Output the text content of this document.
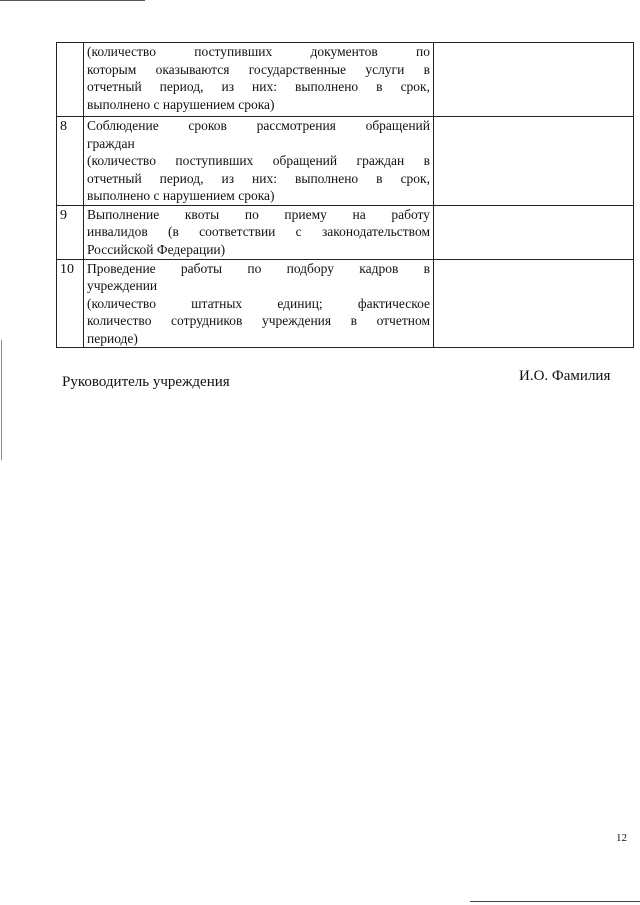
	(количество поступивших документов по
которым оказываются государственные услуги в
отчетный период, из них: выполнено в срок,
выполнено с нарушением срока)	

8	Соблюдение сроков рассмотрения обращений
граждан
(количество поступивших обращений граждан в
отчетный период, из них: выполнено в срок,
выполнено с нарушением срока)	

9	Выполнение квоты по приему на работу
инвалидов (в соответствии с законодательством
Российской Федерации)	

10	Проведение работы по подбору кадров в
учреждении
(количество штатных единиц; фактическое
количество сотрудников учреждения в отчетном
периоде)	

Руководитель учреждения	И.О. Фамилия
12
